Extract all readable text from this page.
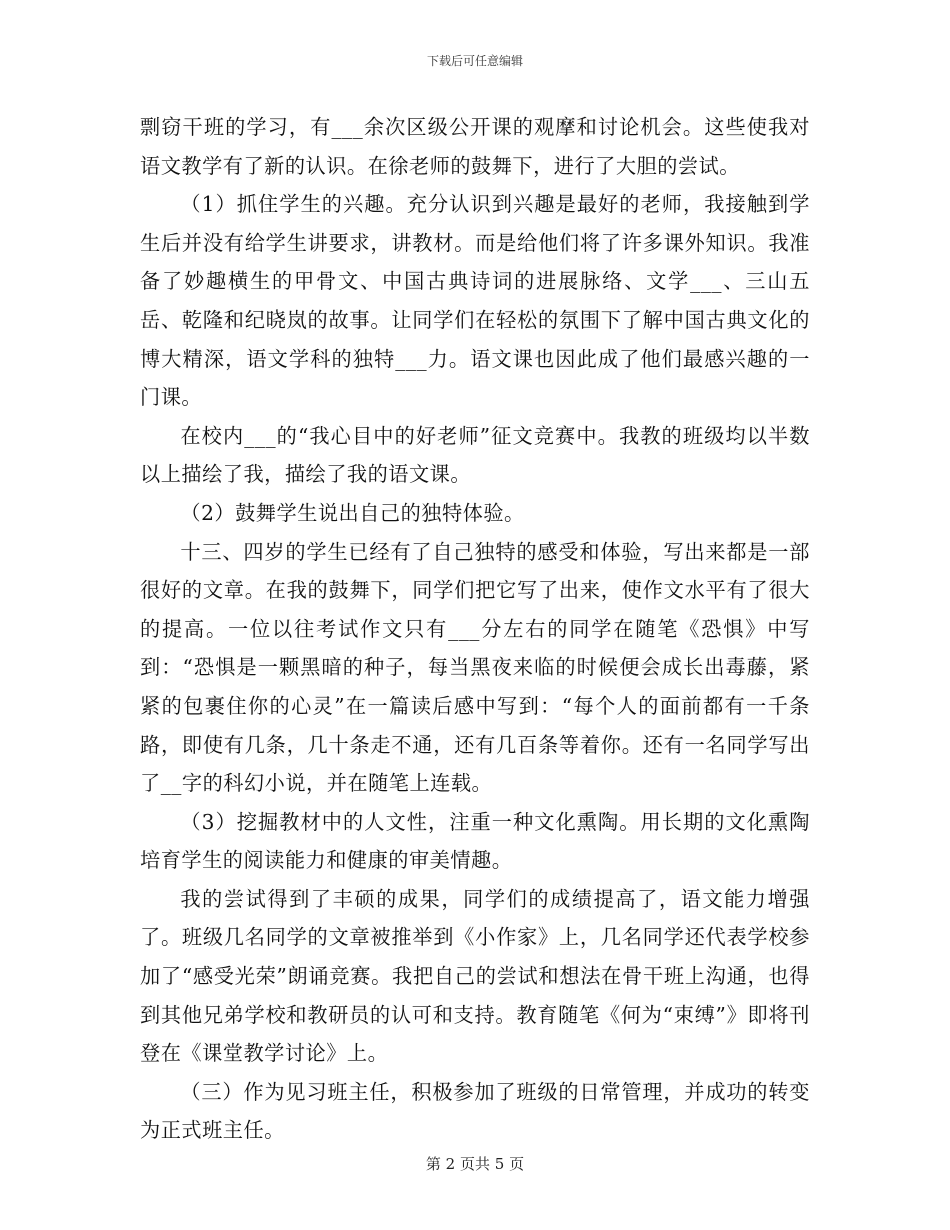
下载后可任意编辑

剽窃干班的学习，有___余次区级公开课的观摩和讨论机会。这些使我对语文教学有了新的认识。在徐老师的鼓舞下，进行了大胆的尝试。

（1）抓住学生的兴趣。充分认识到兴趣是最好的老师，我接触到学生后并没有给学生讲要求，讲教材。而是给他们将了许多课外知识。我准备了妙趣横生的甲骨文、中国古典诗词的进展脉络、文学___、三山五岳、乾隆和纪晓岚的故事。让同学们在轻松的氛围下了解中国古典文化的博大精深，语文学科的独特___力。语文课也因此成了他们最感兴趣的一门课。

在校内___的“我心目中的好老师”征文竞赛中。我教的班级均以半数以上描绘了我，描绘了我的语文课。

（2）鼓舞学生说出自己的独特体验。

十三、四岁的学生已经有了自己独特的感受和体验，写出来都是一部很好的文章。在我的鼓舞下，同学们把它写了出来，使作文水平有了很大的提高。一位以往考试作文只有___分左右的同学在随笔《恐惧》中写到：“恐惧是一颗黑暗的种子，每当黑夜来临的时候便会成长出毒藤，紧紧的包裹住你的心灵”在一篇读后感中写到：“每个人的面前都有一千条路，即使有几条，几十条走不通，还有几百条等着你。还有一名同学写出了__字的科幻小说，并在随笔上连载。

（3）挖掘教材中的人文性，注重一种文化熏陶。用长期的文化熏陶培育学生的阅读能力和健康的审美情趣。

我的尝试得到了丰硕的成果，同学们的成绩提高了，语文能力增强了。班级几名同学的文章被推举到《小作家》上，几名同学还代表学校参加了“感受光荣”朗诵竞赛。我把自己的尝试和想法在骨干班上沟通，也得到其他兄弟学校和教研员的认可和支持。教育随笔《何为“束缚”》即将刊登在《课堂教学讨论》上。

（三）作为见习班主任，积极参加了班级的日常管理，并成功的转变为正式班主任。

第 2 页共 5 页
